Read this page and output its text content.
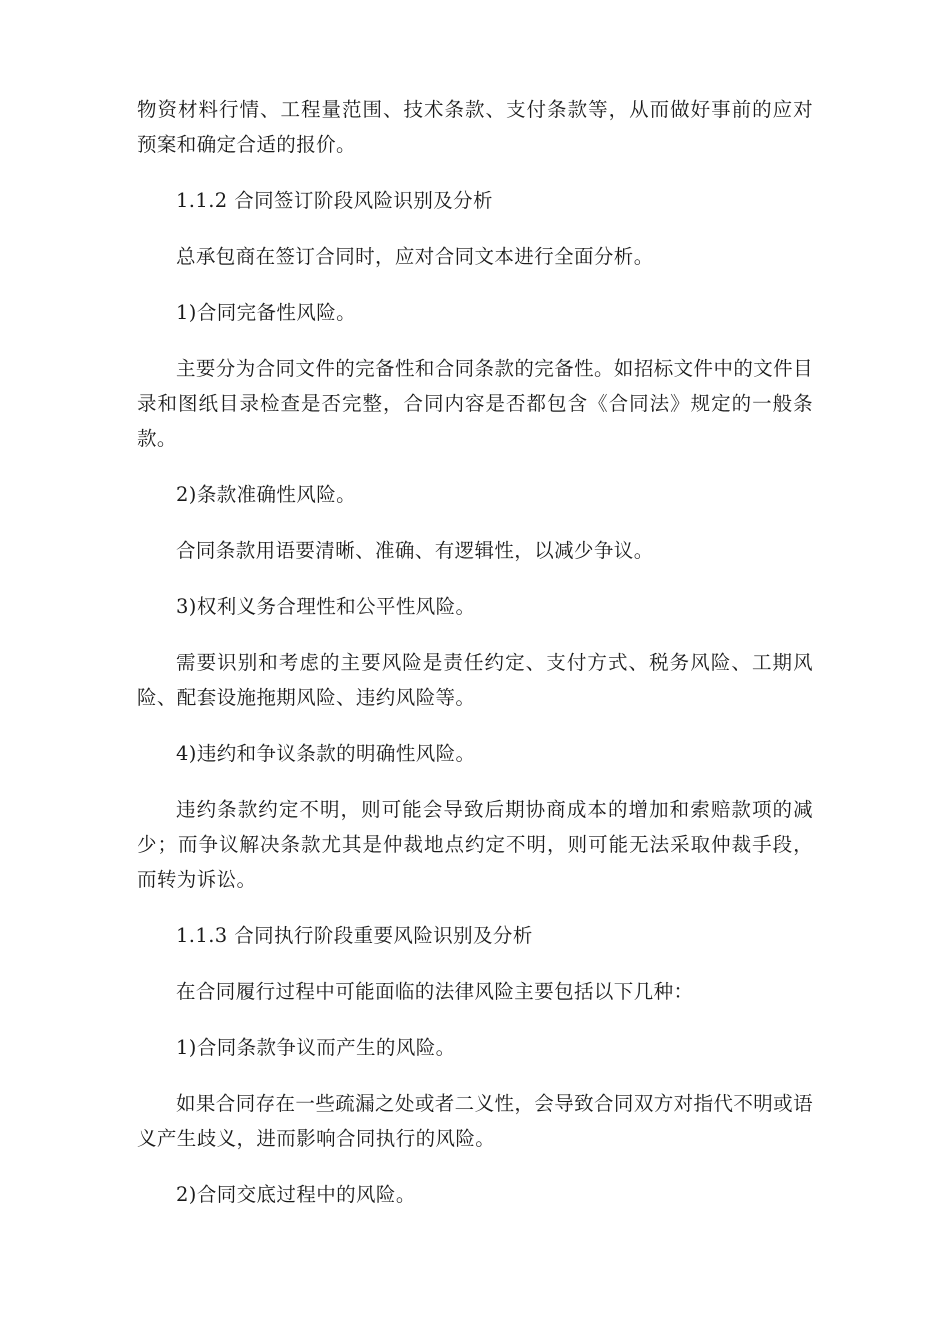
物资材料行情、工程量范围、技术条款、支付条款等，从而做好事前的应对预案和确定合适的报价。

1.1.2 合同签订阶段风险识别及分析

总承包商在签订合同时，应对合同文本进行全面分析。

1)合同完备性风险。

主要分为合同文件的完备性和合同条款的完备性。如招标文件中的文件目录和图纸目录检查是否完整，合同内容是否都包含《合同法》规定的一般条款。

2)条款准确性风险。

合同条款用语要清晰、准确、有逻辑性，以减少争议。

3)权利义务合理性和公平性风险。

需要识别和考虑的主要风险是责任约定、支付方式、税务风险、工期风险、配套设施拖期风险、违约风险等。

4)违约和争议条款的明确性风险。

违约条款约定不明，则可能会导致后期协商成本的增加和索赔款项的减少；而争议解决条款尤其是仲裁地点约定不明，则可能无法采取仲裁手段，而转为诉讼。

1.1.3 合同执行阶段重要风险识别及分析

在合同履行过程中可能面临的法律风险主要包括以下几种：

1)合同条款争议而产生的风险。

如果合同存在一些疏漏之处或者二义性，会导致合同双方对指代不明或语义产生歧义，进而影响合同执行的风险。

2)合同交底过程中的风险。
